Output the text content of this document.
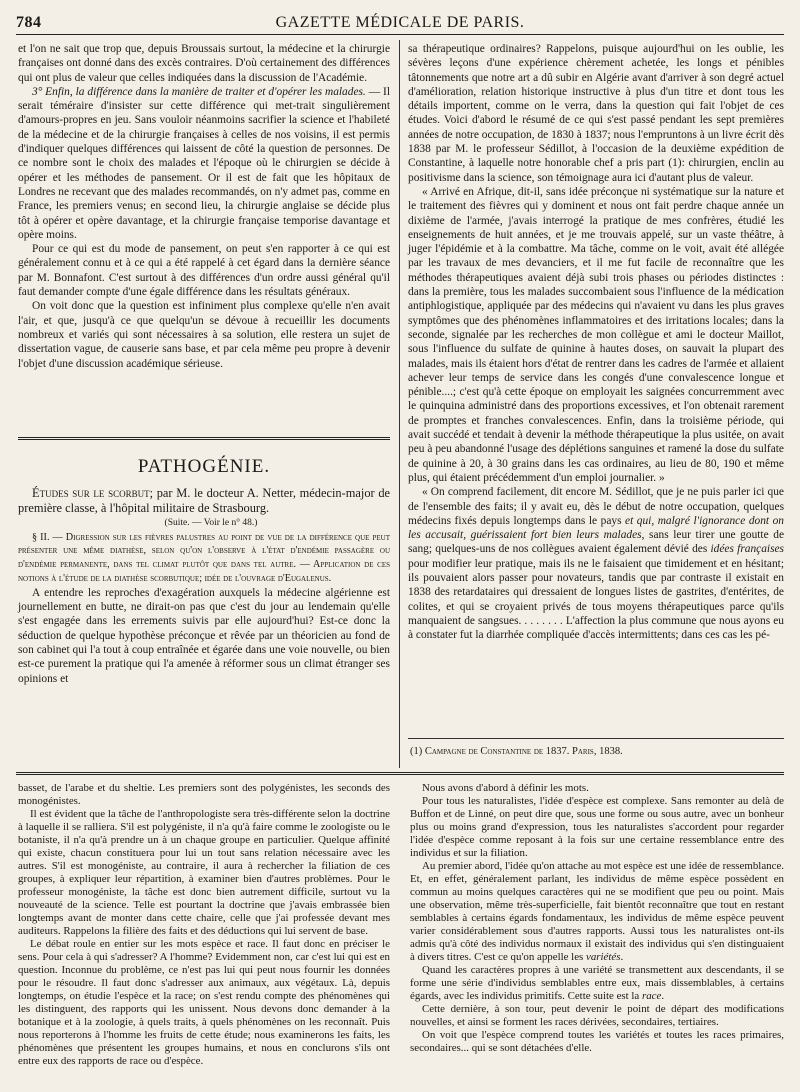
784	GAZETTE MÉDICALE DE PARIS.

et l'on ne sait que trop que, depuis Broussais surtout, la médecine et la chirurgie françaises ont donné dans des excès contraires. D'où certainement des différences qui ont plus de valeur que celles indiquées dans la discussion de l'Académie.

3° Enfin, la différence dans la manière de traiter et d'opérer les malades. — Il serait téméraire d'insister sur cette différence qui met-trait singulièrement d'amours-propres en jeu. Sans vouloir néanmoins sacrifier la science et l'habileté de la médecine et de la chirurgie françaises à celles de nos voisins, il est permis d'indiquer quelques différences qui laissent de côté la question de personnes. De ce nombre sont le choix des malades et l'époque où le chirurgien se décide à opérer et les méthodes de pansement. Or il est de fait que les hôpitaux de Londres ne recevant que des malades recommandés, on n'y admet pas, comme en France, les premiers venus; en second lieu, la chirurgie anglaise se décide plus tôt à opérer et opère davantage, et la chirurgie française temporise davantage et opère moins.

Pour ce qui est du mode de pansement, on peut s'en rapporter à ce qui est généralement connu et à ce qui a été rappelé à cet égard dans la dernière séance par M. Bonnafont. C'est surtout à des différences d'un ordre aussi général qu'il faut demander compte d'une égale différence dans les résultats généraux.

On voit donc que la question est infiniment plus complexe qu'elle n'en avait l'air, et que, jusqu'à ce que quelqu'un se dévoue à recueillir les documents nombreux et variés qui sont nécessaires à sa solution, elle restera un sujet de dissertation vague, de causerie sans base, et par cela même peu propre à devenir l'objet d'une discussion académique sérieuse.

PATHOGÉNIE.

Études sur le scorbut; par M. le docteur A. Netter, médecin-major de première classe, à l'hôpital militaire de Strasbourg.

(Suite. — Voir le n° 48.)

§ II. — Digression sur les fièvres palustres au point de vue de la différence que peut présenter une même diathèse, selon qu'on l'observe à l'état d'endémie passagère ou d'endémie permanente, dans tel climat plutôt que dans tel autre. — Application de ces notions à l'étude de la diathèse scorbutique; idée de l'ouvrage d'Eugalenus.

A entendre les reproches d'exagération auxquels la médecine algérienne est journellement en butte, ne dirait-on pas que c'est du jour au lendemain qu'elle s'est engagée dans les errements suivis par elle aujourd'hui? Est-ce donc la séduction de quelque hypothèse préconçue et rêvée par un théoricien au fond de son cabinet qui l'a tout à coup entraînée et égarée dans une voie nouvelle, ou bien est-ce purement la pratique qui l'a amenée à réformer sous un climat étranger ses opinions et

sa thérapeutique ordinaires? Rappelons, puisque aujourd'hui on les oublie, les sévères leçons d'une expérience chèrement achetée, les longs et pénibles tâtonnements que notre art a dû subir en Algérie avant d'arriver à son degré actuel d'amélioration, relation historique instructive à plus d'un titre et dont tous les détails importent, comme on le verra, dans la question qui fait l'objet de ces études. Voici d'abord le résumé de ce qui s'est passé pendant les sept premières années de notre occupation, de 1830 à 1837; nous l'empruntons à un livre écrit dès 1838 par M. le professeur Sédillot, à l'occasion de la deuxième expédition de Constantine, à laquelle notre honorable chef a pris part (1): chirurgien, enclin au positivisme dans la science, son témoignage aura ici d'autant plus de valeur.

« Arrivé en Afrique, dit-il, sans idée préconçue ni systématique sur la nature et le traitement des fièvres qui y dominent et nous ont fait perdre chaque année un dixième de l'armée, j'avais interrogé la pratique de mes confrères, étudié les enseignements de huit années, et je me trouvais appelé, sur un vaste théâtre, à juger l'épidémie et à la combattre. Ma tâche, comme on le voit, avait été allégée par les travaux de mes devanciers, et il me fut facile de reconnaître que les méthodes thérapeutiques avaient déjà subi trois phases ou périodes distinctes : dans la première, tous les malades succombaient sous l'influence de la médication antiphlogistique, appliquée par des médecins qui n'avaient vu dans les plus graves symptômes que des phénomènes inflammatoires et des irritations locales; dans la seconde, signalée par les recherches de mon collègue et ami le docteur Maillot, sous l'influence du sulfate de quinine à hautes doses, on sauvait la plupart des malades, mais ils étaient hors d'état de rentrer dans les cadres de l'armée et allaient achever leur temps de service dans les congés d'une convalescence longue et pénible....; c'est qu'à cette époque on employait les saignées concurremment avec le quinquina administré dans des proportions excessives, et l'on obtenait rarement de promptes et franches convalescences. Enfin, dans la troisième période, qui avait succédé et tendait à devenir la méthode thérapeutique la plus usitée, on avait peu à peu abandonné l'usage des déplétions sanguines et ramené la dose du sulfate de quinine à 20, à 30 grains dans les cas ordinaires, au lieu de 80, 190 et même plus, qui étaient précédemment d'un emploi journalier. »

« On comprend facilement, dit encore M. Sédillot, que je ne puis parler ici que de l'ensemble des faits; il y avait eu, dès le début de notre occupation, quelques médecins fixés depuis longtemps dans le pays et qui, malgré l'ignorance dont on les accusait, guérissaient fort bien leurs malades, sans leur tirer une goutte de sang; quelques-uns de nos collègues avaient également dévié des idées françaises pour modifier leur pratique, mais ils ne le faisaient que timidement et en hésitant; ils pouvaient alors passer pour novateurs, tandis que par contraste il existait en 1838 des retardataires qui dressaient de longues listes de gastrites, d'entérites, de colites, et qui se croyaient privés de tous moyens thérapeutiques parce qu'ils manquaient de sangsues. . . . . . . . L'affection la plus commune que nous ayons eu à constater fut la diarrhée compliquée d'accès intermittents; dans ces cas les pé-

(1) Campagne de Constantine de 1837. Paris, 1838.

basset, de l'arabe et du sheltie. Les premiers sont des polygénistes, les seconds des monogénistes.

Il est évident que la tâche de l'anthropologiste sera très-différente selon la doctrine à laquelle il se ralliera. S'il est polygéniste, il n'a qu'à faire comme le zoologiste ou le botaniste, il n'a qu'à prendre un à un chaque groupe en particulier. Quelque affinité qui existe, chacun constituera pour lui un tout sans relation nécessaire avec les autres. S'il est monogéniste, au contraire, il aura à rechercher la filiation de ces groupes, à expliquer leur répartition, à examiner bien d'autres problèmes. Pour le professeur monogéniste, la tâche est donc bien autrement difficile, surtout vu la nouveauté de la science. Telle est pourtant la doctrine que j'avais embrassée bien longtemps avant de monter dans cette chaire, celle que j'ai professée devant mes auditeurs. Rappelons la filière des faits et des déductions qui lui servent de base.

Le débat roule en entier sur les mots espèce et race. Il faut donc en préciser le sens. Pour cela à qui s'adresser? A l'homme? Evidemment non, car c'est lui qui est en question. Inconnue du problème, ce n'est pas lui qui peut nous fournir les données pour le résoudre. Il faut donc s'adresser aux animaux, aux végétaux. Là, depuis longtemps, on étudie l'espèce et la race; on s'est rendu compte des phénomènes qui les distinguent, des rapports qui les unissent. Nous devons donc demander à la botanique et à la zoologie, à quels traits, à quels phénomènes on les reconnaît. Puis nous reporterons à l'homme les fruits de cette étude; nous examinerons les faits, les phénomènes que présentent les groupes humains, et nous en conclurons s'ils ont entre eux des rapports de race ou d'espèce.

Nous avons d'abord à définir les mots.

Pour tous les naturalistes, l'idée d'espèce est complexe. Sans remonter au delà de Buffon et de Linné, on peut dire que, sous une forme ou sous autre, avec un bonheur plus ou moins grand d'expression, tous les naturalistes s'accordent pour regarder l'idée d'espèce comme reposant à la fois sur une certaine ressemblance entre des individus et sur la filiation.

Au premier abord, l'idée qu'on attache au mot espèce est une idée de ressemblance. Et, en effet, généralement parlant, les individus de même espèce possèdent en commun au moins quelques caractères qui ne se modifient que peu ou point. Mais une observation, même très-superficielle, fait bientôt reconnaître que tout en restant semblables à certains égards fondamentaux, les individus de même espèce peuvent varier considérablement sous d'autres rapports. Aussi tous les naturalistes ont-ils admis qu'à côté des individus normaux il existait des individus qui s'en distinguaient à divers titres. C'est ce qu'on appelle les variétés.

Quand les caractères propres à une variété se transmettent aux descendants, il se forme une série d'individus semblables entre eux, mais dissemblables, à certains égards, avec les individus primitifs. Cette suite est la race.

Cette dernière, à son tour, peut devenir le point de départ des modifications nouvelles, et ainsi se forment les races dérivées, secondaires, tertiaires.

On voit que l'espèce comprend toutes les variétés et toutes les races primaires, secondaires... qui se sont détachées d'elle.
